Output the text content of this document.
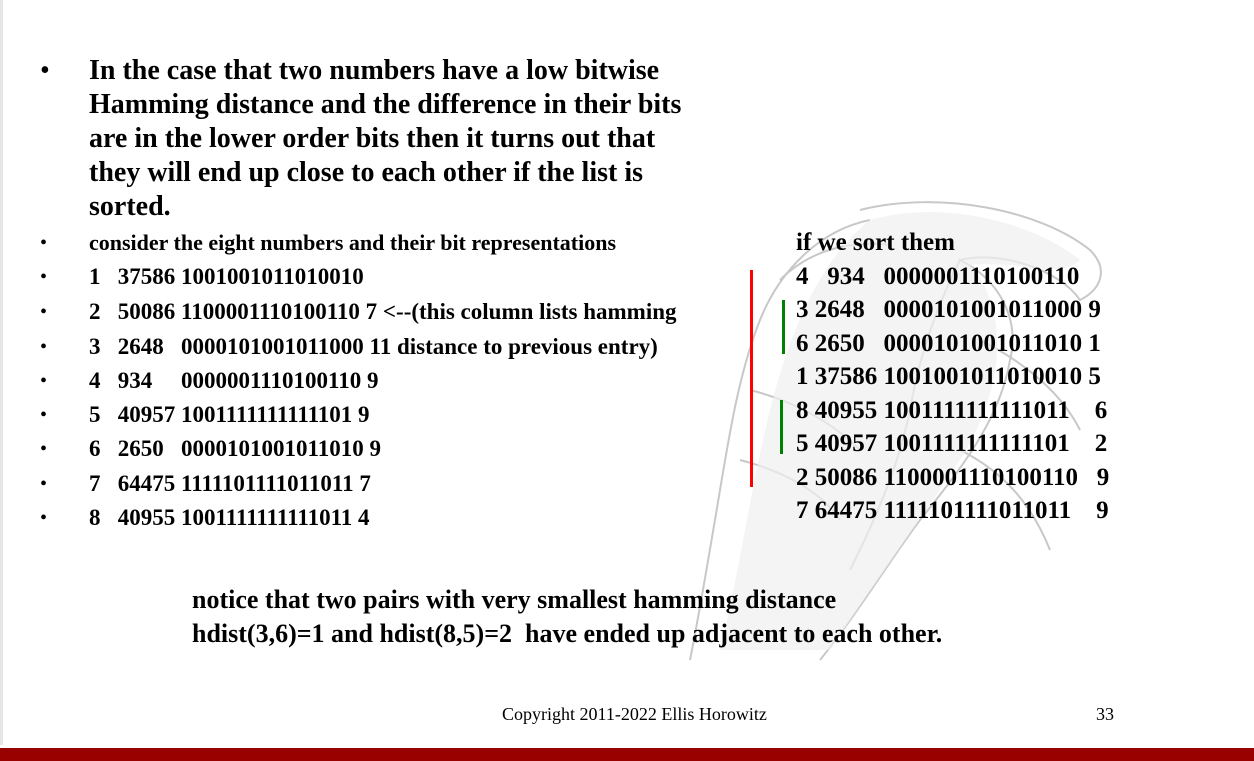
• In the case that two numbers have a low bitwise
Hamming distance and the difference in their bits
are in the lower order bits then it turns out that
they will end up close to each other if the list is
sorted.
• consider the eight numbers and their bit representations
• 1   37586 1001001011010010
• 2   50086 1100001110100110 7 <--(this column lists hamming
• 3   2648   0000101001011000 11 distance to previous entry)
• 4   934     0000001110100110 9
• 5   40957 1001111111111101 9
• 6   2650   0000101001011010 9
• 7   64475 1111101111011011 7
• 8   40955 1001111111111011 4
if we sort them
4   934   0000001110100110
3 2648   0000101001011000 9
6 2650   0000101001011010 1
1 37586 1001001011010010 5
8 40955 1001111111111011    6
5 40957 1001111111111101    2
2 50086 1100001110100110   9
7 64475 1111101111011011    9
notice that two pairs with very smallest hamming distance
hdist(3,6)=1 and hdist(8,5)=2  have ended up adjacent to each other.
Copyright 2011-2022 Ellis Horowitz	33
